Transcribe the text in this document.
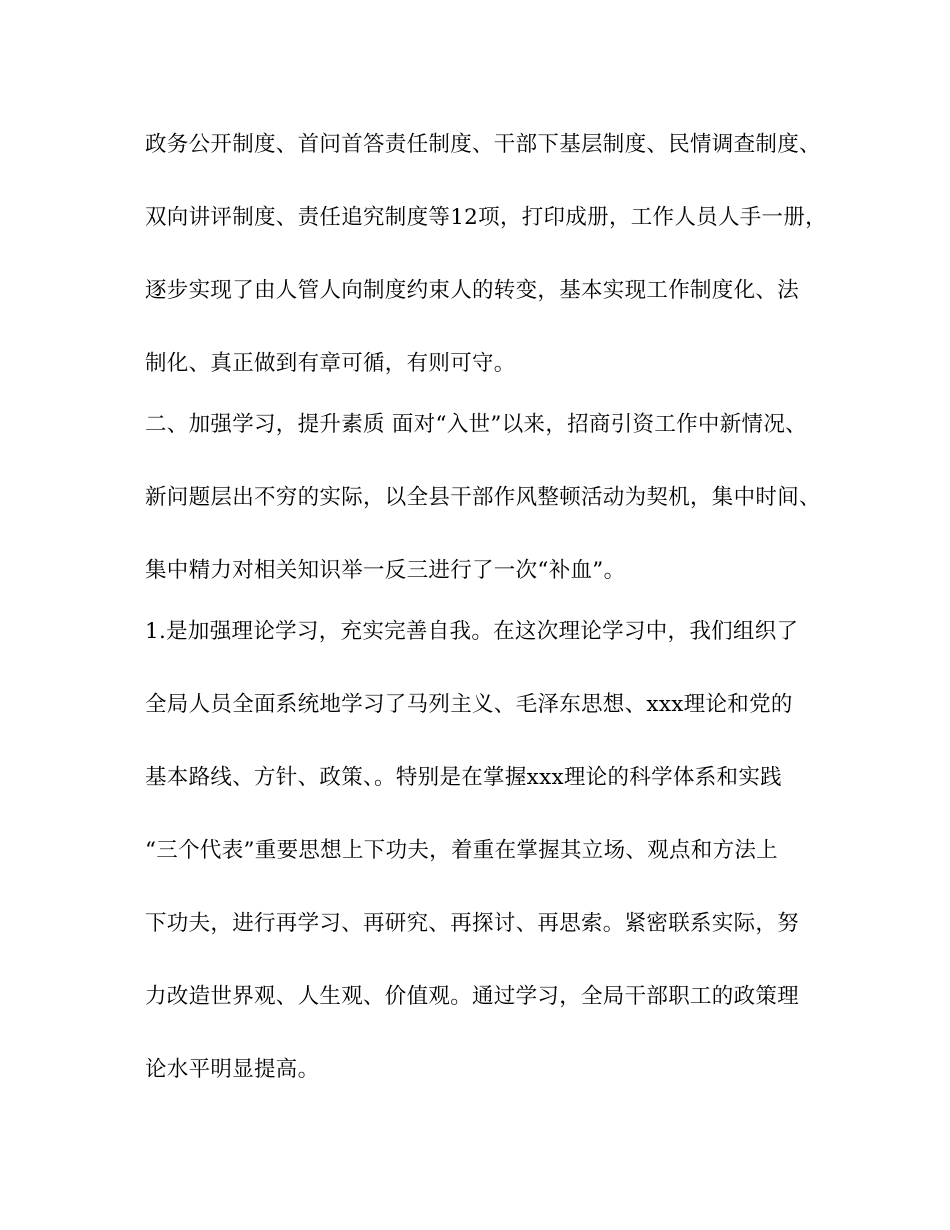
政务公开制度、首问首答责任制度、干部下基层制度、民情调查制度、
双向讲评制度、责任追究制度等12项，打印成册，工作人员人手一册，
逐步实现了由人管人向制度约束人的转变，基本实现工作制度化、法
制化、真正做到有章可循，有则可守。
二、加强学习，提升素质 面对“入世”以来，招商引资工作中新情况、
新问题层出不穷的实际，以全县干部作风整顿活动为契机，集中时间、
集中精力对相关知识举一反三进行了一次“补血”。
1.是加强理论学习，充实完善自我。在这次理论学习中，我们组织了
全局人员全面系统地学习了马列主义、毛泽东思想、xxx理论和党的
基本路线、方针、政策、。特别是在掌握xxx理论的科学体系和实践
“三个代表”重要思想上下功夫，着重在掌握其立场、观点和方法上
下功夫，进行再学习、再研究、再探讨、再思索。紧密联系实际，努
力改造世界观、人生观、价值观。通过学习，全局干部职工的政策理
论水平明显提高。
